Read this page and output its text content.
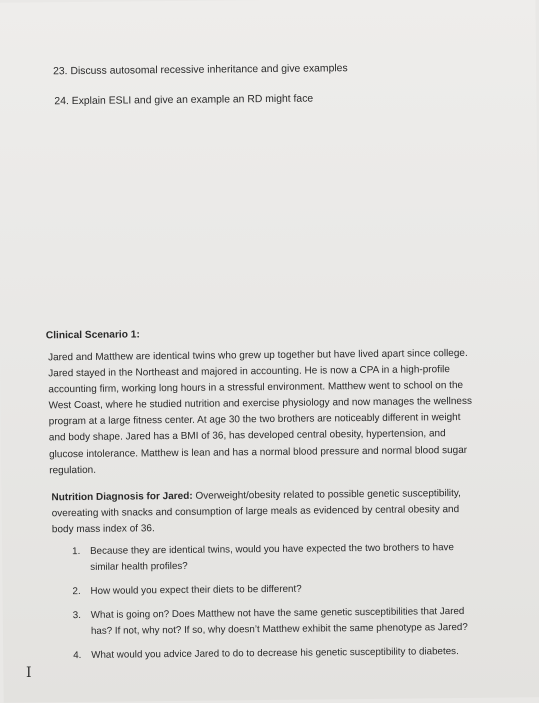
23. Discuss autosomal recessive inheritance and give examples
24. Explain ESLI and give an example an RD might face
Clinical Scenario 1:

Jared and Matthew are identical twins who grew up together but have lived apart since college.

Jared stayed in the Northeast and majored in accounting. He is now a CPA in a high-profile

accounting firm, working long hours in a stressful environment. Matthew went to school on the

West Coast, where he studied nutrition and exercise physiology and now manages the wellness

program at a large fitness center. At age 30 the two brothers are noticeably different in weight

and body shape. Jared has a BMI of 36, has developed central obesity, hypertension, and

glucose intolerance. Matthew is lean and has a normal blood pressure and normal blood sugar

regulation.

Nutrition Diagnosis for Jared: Overweight/obesity related to possible genetic susceptibility,

overeating with snacks and consumption of large meals as evidenced by central obesity and

body mass index of 36.

1. Because they are identical twins, would you have expected the two brothers to have
similar health profiles?
2. How would you expect their diets to be different?
3. What is going on? Does Matthew not have the same genetic susceptibilities that Jared
has? If not, why not? If so, why doesn’t Matthew exhibit the same phenotype as Jared?
4. What would you advice Jared to do to decrease his genetic susceptibility to diabetes.
I
